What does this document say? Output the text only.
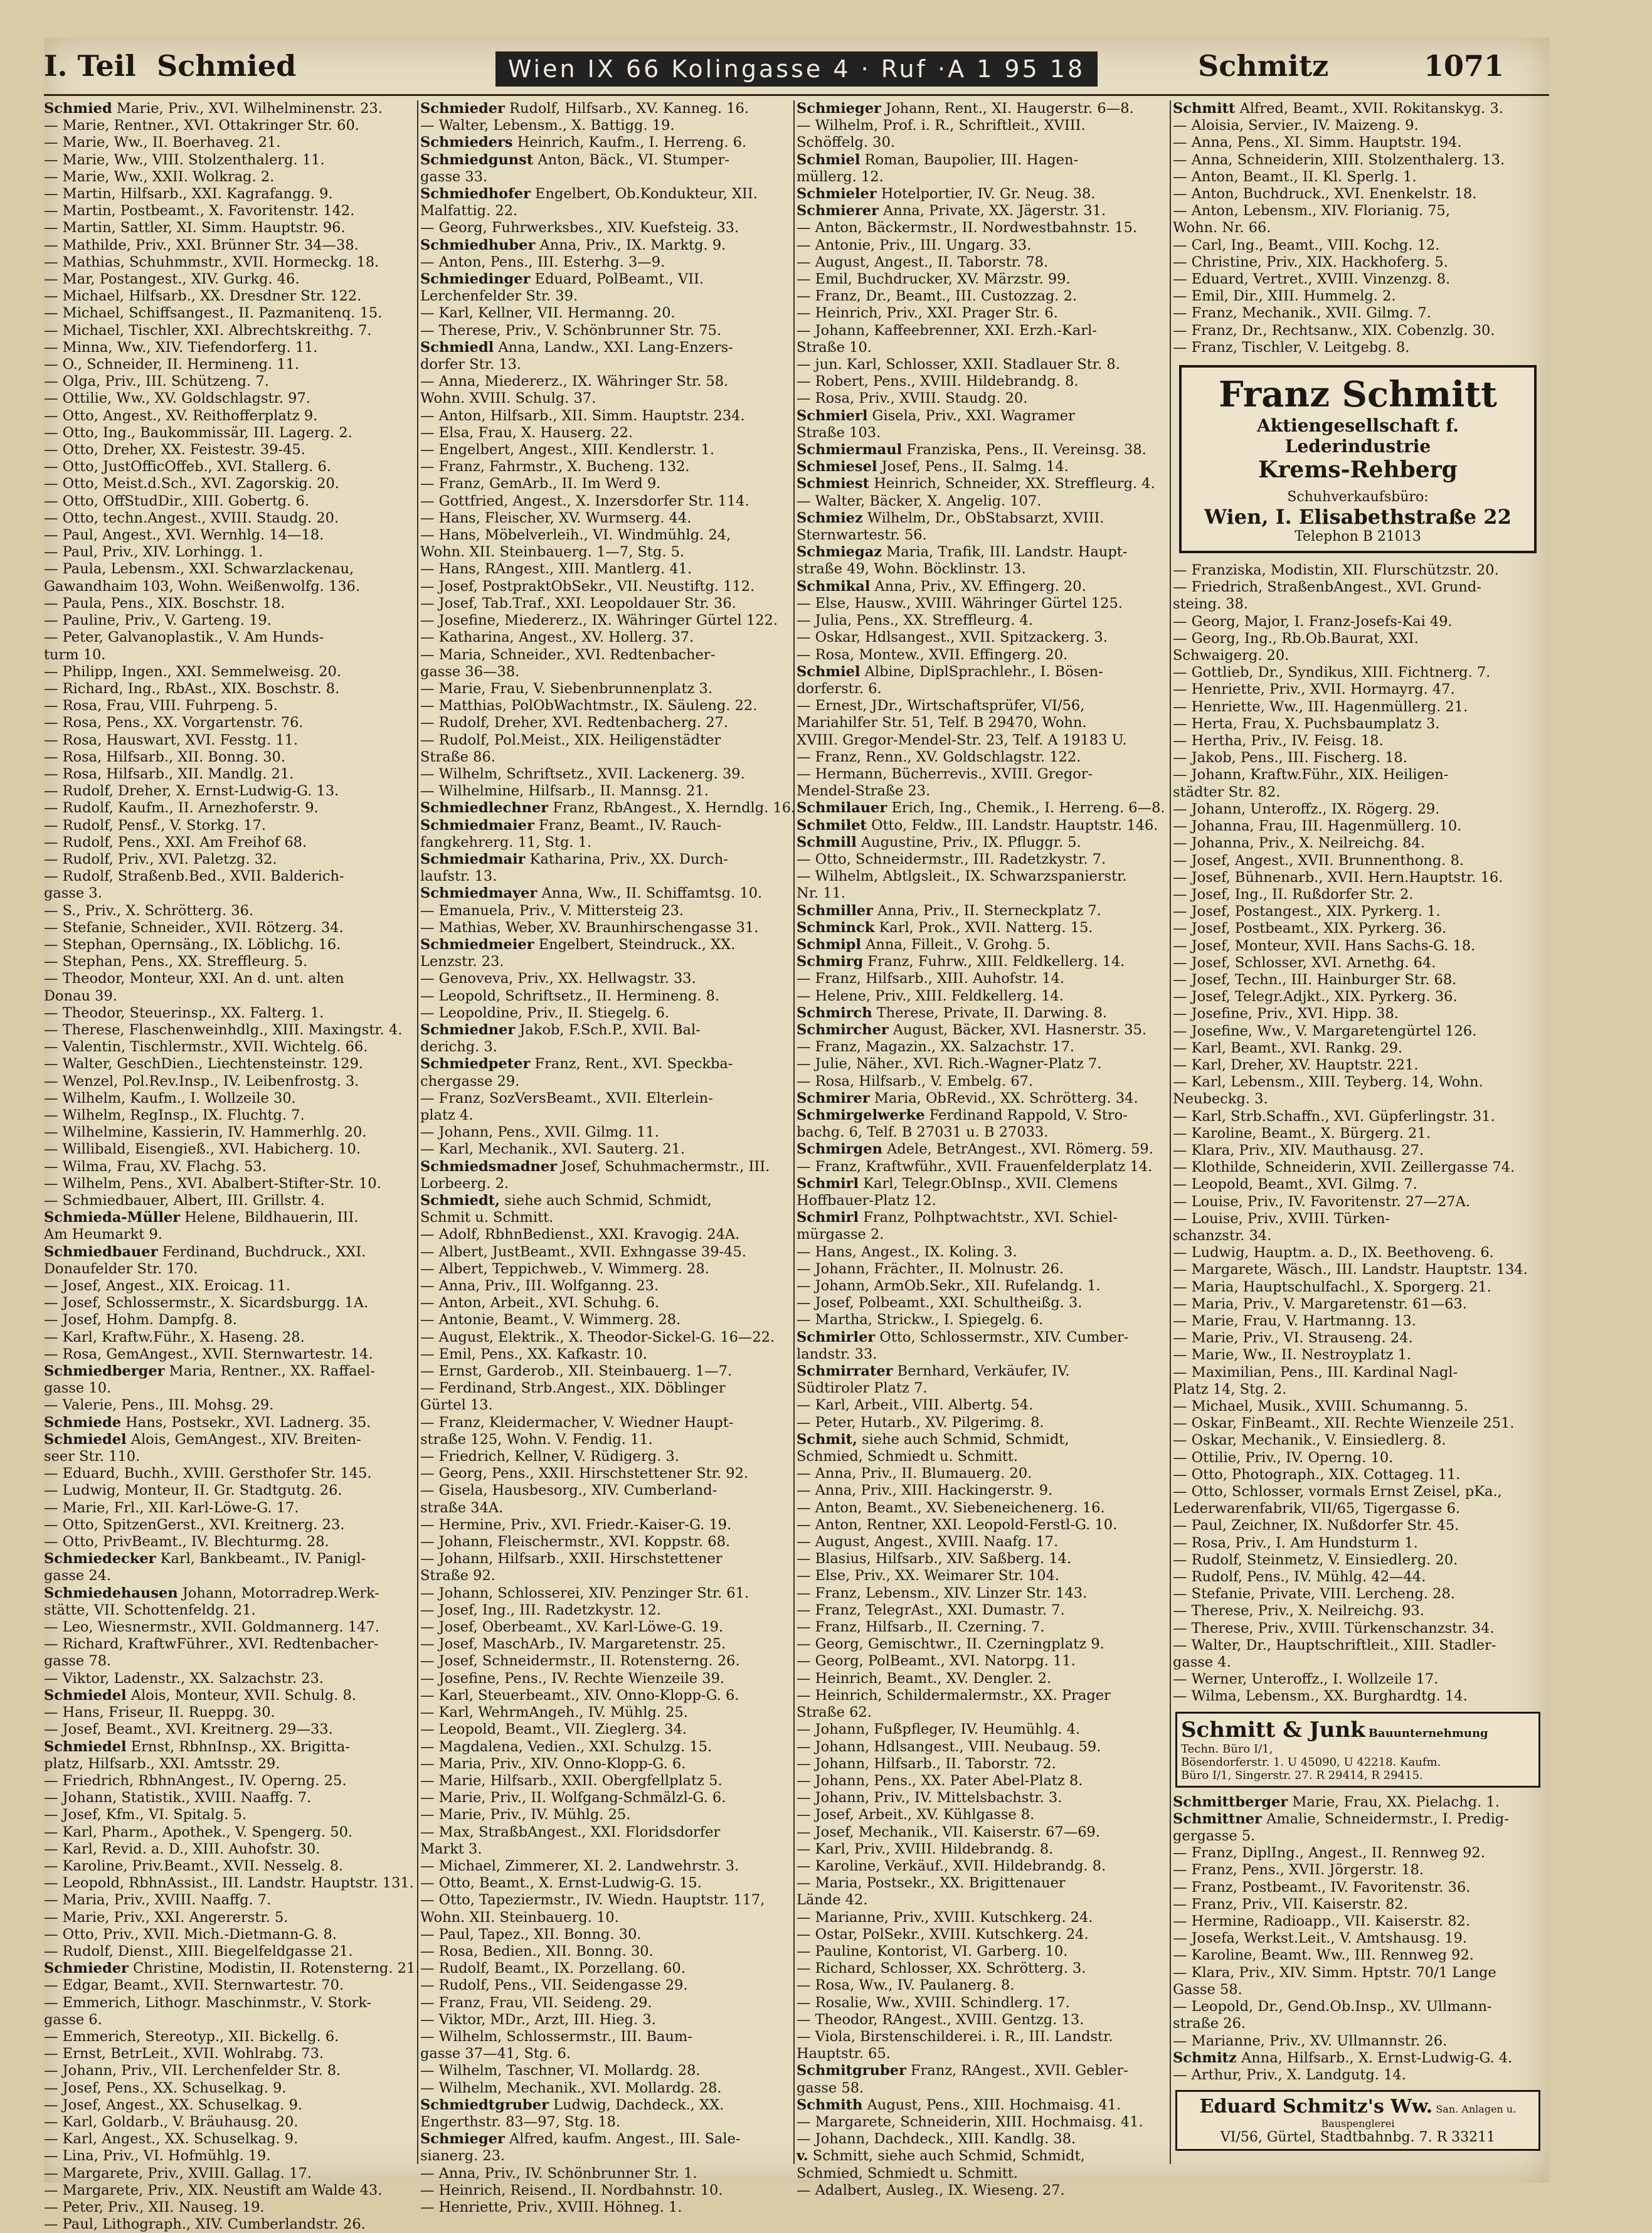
I. Teil Schmied	Wien IX 66 Kolingasse 4 · Ruf ·A 1 95 18	Schmitz	1071
Schmied Marie, Priv., XVI. Wilhelminenstr. 23.
— Marie, Rentner., XVI. Ottakringer Str. 60.
— Marie, Ww., II. Boerhaveg. 21.
— Marie, Ww., VIII. Stolzenthalerg. 11.
— Marie, Ww., XXII. Wolkrag. 2.
— Martin, Hilfsarb., XXI. Kagrafangg. 9.
— Martin, Postbeamt., X. Favoritenstr. 142.
— Martin, Sattler, XI. Simm. Hauptstr. 96.
— Mathilde, Priv., XXI. Brünner Str. 34—38.
— Mathias, Schuhmmstr., XVII. Hormeckg. 18.
— Mar, Postangest., XIV. Gurkg. 46.
— Michael, Hilfsarb., XX. Dresdner Str. 122.
— Michael, Schiffsangest., II. Pazmanitenq. 15.
— Michael, Tischler, XXI. Albrechtskreithg. 7.
— Minna, Ww., XIV. Tiefendorferg. 11.
— O., Schneider, II. Hermineng. 11.
— Olga, Priv., III. Schützeng. 7.
— Ottilie, Ww., XV. Goldschlagstr. 97.
— Otto, Angest., XV. Reithofferplatz 9.
— Otto, Ing., Baukommissär, III. Lagerg. 2.
— Otto, Dreher, XX. Feistestr. 39-45.
— Otto, JustOfficOffeb., XVI. Stallerg. 6.
— Otto, Meist.d.Sch., XVI. Zagorskig. 20.
— Otto, OffStudDir., XIII. Gobertg. 6.
— Otto, techn.Angest., XVIII. Staudg. 20.
— Paul, Angest., XVI. Wernhlg. 14—18.
— Paul, Priv., XIV. Lorhingg. 1.
— Paula, Lebensm., XXI. Schwarzlackenau,
Gawandhaim 103, Wohn. Weißenwolfg. 136.
— Paula, Pens., XIX. Boschstr. 18.
— Pauline, Priv., V. Garteng. 19.
— Peter, Galvanoplastik., V. Am Hunds-
turm 10.
— Philipp, Ingen., XXI. Semmelweisg. 20.
— Richard, Ing., RbAst., XIX. Boschstr. 8.
— Rosa, Frau, VIII. Fuhrpeng. 5.
— Rosa, Pens., XX. Vorgartenstr. 76.
— Rosa, Hauswart, XVI. Fesstg. 11.
— Rosa, Hilfsarb., XII. Bonng. 30.
— Rosa, Hilfsarb., XII. Mandlg. 21.
— Rudolf, Dreher, X. Ernst-Ludwig-G. 13.
— Rudolf, Kaufm., II. Arnezhoferstr. 9.
— Rudolf, Pensf., V. Storkg. 17.
— Rudolf, Pens., XXI. Am Freihof 68.
— Rudolf, Priv., XVI. Paletzg. 32.
— Rudolf, Straßenb.Bed., XVII. Balderich-
gasse 3.
— S., Priv., X. Schrötterg. 36.
— Stefanie, Schneider., XVII. Rötzerg. 34.
— Stephan, Opernsäng., IX. Löblichg. 16.
— Stephan, Pens., XX. Streffleurg. 5.
— Theodor, Monteur, XXI. An d. unt. alten
Donau 39.
— Theodor, Steuerinsp., XX. Falterg. 1.
— Therese, Flaschenweinhdlg., XIII. Maxingstr. 4.
— Valentin, Tischlermstr., XVII. Wichtelg. 66.
— Walter, GeschDien., Liechtensteinstr. 129.
— Wenzel, Pol.Rev.Insp., IV. Leibenfrostg. 3.
— Wilhelm, Kaufm., I. Wollzeile 30.
— Wilhelm, RegInsp., IX. Fluchtg. 7.
— Wilhelmine, Kassierin, IV. Hammerhlg. 20.
— Willibald, Eisengieß., XVI. Habicherg. 10.
— Wilma, Frau, XV. Flachg. 53.
— Wilhelm, Pens., XVI. Abalbert-Stifter-Str. 10.
— Schmiedbauer, Albert, III. Grillstr. 4.
Schmieda-Müller Helene, Bildhauerin, III.
Am Heumarkt 9.
Schmiedbauer Ferdinand, Buchdruck., XXI.
Donaufelder Str. 170.
— Josef, Angest., XIX. Eroicag. 11.
— Josef, Schlossermstr., X. Sicardsburgg. 1A.
— Josef, Hohm. Dampfg. 8.
— Karl, Kraftw.Führ., X. Haseng. 28.
— Rosa, GemAngest., XVII. Sternwartestr. 14.
Schmiedberger Maria, Rentner., XX. Raffael-
gasse 10.
— Valerie, Pens., III. Mohsg. 29.
Schmiede Hans, Postsekr., XVI. Ladnerg. 35.
Schmiedel Alois, GemAngest., XIV. Breiten-
seer Str. 110.
— Eduard, Buchh., XVIII. Gersthofer Str. 145.
— Ludwig, Monteur, II. Gr. Stadtgutg. 26.
— Marie, Frl., XII. Karl-Löwe-G. 17.
— Otto, SpitzenGerst., XVI. Kreitnerg. 23.
— Otto, PrivBeamt., IV. Blechturmg. 28.
Schmiedecker Karl, Bankbeamt., IV. Panigl-
gasse 24.
Schmiedehausen Johann, Motorradrep.Werk-
stätte, VII. Schottenfeldg. 21.
— Leo, Wiesnermstr., XVII. Goldmannerg. 147.
— Richard, KraftwFührer., XVI. Redtenbacher-
gasse 78.
— Viktor, Ladenstr., XX. Salzachstr. 23.
Schmiedel Alois, Monteur, XVII. Schulg. 8.
— Hans, Friseur, II. Rueppg. 30.
— Josef, Beamt., XVI. Kreitnerg. 29—33.
Schmiedel Ernst, RbhnInsp., XX. Brigitta-
platz, Hilfsarb., XXI. Amtsstr. 29.
— Friedrich, RbhnAngest., IV. Operng. 25.
— Johann, Statistik., XVIII. Naaffg. 7.
— Josef, Kfm., VI. Spitalg. 5.
— Karl, Pharm., Apothek., V. Spengerg. 50.
— Karl, Revid. a. D., XIII. Auhofstr. 30.
— Karoline, Priv.Beamt., XVII. Nesselg. 8.
— Leopold, RbhnAssist., III. Landstr. Hauptstr. 131.
— Maria, Priv., XVIII. Naaffg. 7.
— Marie, Priv., XXI. Angererstr. 5.
— Otto, Priv., XVII. Mich.-Dietmann-G. 8.
— Rudolf, Dienst., XIII. Biegelfeldgasse 21.
Schmieder Christine, Modistin, II. Rotensterng. 21.
— Edgar, Beamt., XVII. Sternwartestr. 70.
— Emmerich, Lithogr. Maschinmstr., V. Stork-
gasse 6.
— Emmerich, Stereotyp., XII. Bickellg. 6.
— Ernst, BetrLeit., XVII. Wohlrabg. 73.
— Johann, Priv., VII. Lerchenfelder Str. 8.
— Josef, Pens., XX. Schuselkag. 9.
— Josef, Angest., XX. Schuselkag. 9.
— Karl, Goldarb., V. Bräuhausg. 20.
— Karl, Angest., XX. Schuselkag. 9.
— Lina, Priv., VI. Hofmühlg. 19.
— Margarete, Priv., XVIII. Gallag. 17.
— Margarete, Priv., XIX. Neustift am Walde 43.
— Peter, Priv., XII. Nauseg. 19.
— Paul, Lithograph., XIV. Cumberlandstr. 26.
Schmieder Rudolf, Hilfsarb., XV. Kanneg. 16.
— Walter, Lebensm., X. Battigg. 19.
Schmieders Heinrich, Kaufm., I. Herreng. 6.
Schmiedgunst Anton, Bäck., VI. Stumper-
gasse 33.
Schmiedhofer Engelbert, Ob.Kondukteur, XII.
Malfattig. 22.
— Georg, Fuhrwerksbes., XIV. Kuefsteig. 33.
Schmiedhuber Anna, Priv., IX. Marktg. 9.
— Anton, Pens., III. Esterhg. 3—9.
Schmiedinger Eduard, PolBeamt., VII.
Lerchenfelder Str. 39.
— Karl, Kellner, VII. Hermanng. 20.
— Therese, Priv., V. Schönbrunner Str. 75.
Schmiedl Anna, Landw., XXI. Lang-Enzers-
dorfer Str. 13.
— Anna, Miedererz., IX. Währinger Str. 58.
Wohn. XVIII. Schulg. 37.
— Anton, Hilfsarb., XII. Simm. Hauptstr. 234.
— Elsa, Frau, X. Hauserg. 22.
— Engelbert, Angest., XIII. Kendlerstr. 1.
— Franz, Fahrmstr., X. Bucheng. 132.
— Franz, GemArb., II. Im Werd 9.
— Gottfried, Angest., X. Inzersdorfer Str. 114.
— Hans, Fleischer, XV. Wurmserg. 44.
— Hans, Möbelverleih., VI. Windmühlg. 24,
Wohn. XII. Steinbauerg. 1—7, Stg. 5.
— Hans, RAngest., XIII. Mantlerg. 41.
— Josef, PostpraktObSekr., VII. Neustiftg. 112.
— Josef, Tab.Traf., XXI. Leopoldauer Str. 36.
— Josefine, Miedererz., IX. Währinger Gürtel 122.
— Katharina, Angest., XV. Hollerg. 37.
— Maria, Schneider., XVI. Redtenbacher-
gasse 36—38.
— Marie, Frau, V. Siebenbrunnenplatz 3.
— Matthias, PolObWachtmstr., IX. Säuleng. 22.
— Rudolf, Dreher, XVI. Redtenbacherg. 27.
— Rudolf, Pol.Meist., XIX. Heiligenstädter
Straße 86.
— Wilhelm, Schriftsetz., XVII. Lackenerg. 39.
— Wilhelmine, Hilfsarb., II. Mannsg. 21.
Schmiedlechner Franz, RbAngest., X. Herndlg. 16.
Schmiedmaier Franz, Beamt., IV. Rauch-
fangkehrerg. 11, Stg. 1.
Schmiedmair Katharina, Priv., XX. Durch-
laufstr. 13.
Schmiedmayer Anna, Ww., II. Schiffamtsg. 10.
— Emanuela, Priv., V. Mittersteig 23.
— Mathias, Weber, XV. Braunhirschengasse 31.
Schmiedmeier Engelbert, Steindruck., XX.
Lenzstr. 23.
— Genoveva, Priv., XX. Hellwagstr. 33.
— Leopold, Schriftsetz., II. Hermineng. 8.
— Leopoldine, Priv., II. Stiegelg. 6.
Schmiedner Jakob, F.Sch.P., XVII. Bal-
derichg. 3.
Schmiedpeter Franz, Rent., XVI. Speckba-
chergasse 29.
— Franz, SozVersBeamt., XVII. Elterlein-
platz 4.
— Johann, Pens., XVII. Gilmg. 11.
— Karl, Mechanik., XVI. Sauterg. 21.
Schmiedsmadner Josef, Schuhmachermstr., III.
Lorbeerg. 2.
Schmiedt, siehe auch Schmid, Schmidt,
Schmit u. Schmitt.
— Adolf, RbhnBedienst., XXI. Kravogig. 24A.
— Albert, JustBeamt., XVII. Exhngasse 39-45.
— Albert, Teppichweb., V. Wimmerg. 28.
— Anna, Priv., III. Wolfganng. 23.
— Anton, Arbeit., XVI. Schuhg. 6.
— Antonie, Beamt., V. Wimmerg. 28.
— August, Elektrik., X. Theodor-Sickel-G. 16—22.
— Emil, Pens., XX. Kafkastr. 10.
— Ernst, Garderob., XII. Steinbauerg. 1—7.
— Ferdinand, Strb.Angest., XIX. Döblinger
Gürtel 13.
— Franz, Kleidermacher, V. Wiedner Haupt-
straße 125, Wohn. V. Fendig. 11.
— Friedrich, Kellner, V. Rüdigerg. 3.
— Georg, Pens., XXII. Hirschstettener Str. 92.
— Gisela, Hausbesorg., XIV. Cumberland-
straße 34A.
— Hermine, Priv., XVI. Friedr.-Kaiser-G. 19.
— Johann, Fleischermstr., XVI. Koppstr. 68.
— Johann, Hilfsarb., XXII. Hirschstettener
Straße 92.
— Johann, Schlosserei, XIV. Penzinger Str. 61.
— Josef, Ing., III. Radetzkystr. 12.
— Josef, Oberbeamt., XV. Karl-Löwe-G. 19.
— Josef, MaschArb., IV. Margaretenstr. 25.
— Josef, Schneidermstr., II. Rotensterng. 26.
— Josefine, Pens., IV. Rechte Wienzeile 39.
— Karl, Steuerbeamt., XIV. Onno-Klopp-G. 6.
— Karl, WehrmAngeh., IV. Mühlg. 25.
— Leopold, Beamt., VII. Zieglerg. 34.
— Magdalena, Vedien., XXI. Schulzg. 15.
— Maria, Priv., XIV. Onno-Klopp-G. 6.
— Marie, Hilfsarb., XXII. Obergfellplatz 5.
— Marie, Priv., II. Wolfgang-Schmälzl-G. 6.
— Marie, Priv., IV. Mühlg. 25.
— Max, StraßbAngest., XXI. Floridsdorfer
Markt 3.
— Michael, Zimmerer, XI. 2. Landwehrstr. 3.
— Otto, Beamt., X. Ernst-Ludwig-G. 15.
— Otto, Tapeziermstr., IV. Wiedn. Hauptstr. 117,
Wohn. XII. Steinbauerg. 10.
— Paul, Tapez., XII. Bonng. 30.
— Rosa, Bedien., XII. Bonng. 30.
— Rudolf, Beamt., IX. Porzellang. 60.
— Rudolf, Pens., VII. Seidengasse 29.
— Franz, Frau, VII. Seideng. 29.
— Viktor, MDr., Arzt, III. Hieg. 3.
— Wilhelm, Schlossermstr., III. Baum-
gasse 37—41, Stg. 6.
— Wilhelm, Taschner, VI. Mollardg. 28.
— Wilhelm, Mechanik., XVI. Mollardg. 28.
Schmiedtgruber Ludwig, Dachdeck., XX.
Engerthstr. 83—97, Stg. 18.
Schmieger Alfred, kaufm. Angest., III. Sale-
sianerg. 23.
— Anna, Priv., IV. Schönbrunner Str. 1.
— Heinrich, Reisend., II. Nordbahnstr. 10.
— Henriette, Priv., XVIII. Höhneg. 1.
Schmieger Johann, Rent., XI. Haugerstr. 6—8.
— Wilhelm, Prof. i. R., Schriftleit., XVIII.
Schöffelg. 30.
Schmiel Roman, Baupolier, III. Hagen-
müllerg. 12.
Schmieler Hotelportier, IV. Gr. Neug. 38.
Schmierer Anna, Private, XX. Jägerstr. 31.
— Anton, Bäckermstr., II. Nordwestbahnstr. 15.
— Antonie, Priv., III. Ungarg. 33.
— August, Angest., II. Taborstr. 78.
— Emil, Buchdrucker, XV. Märzstr. 99.
— Franz, Dr., Beamt., III. Custozzag. 2.
— Heinrich, Priv., XXI. Prager Str. 6.
— Johann, Kaffeebrenner, XXI. Erzh.-Karl-
Straße 10.
— jun. Karl, Schlosser, XXII. Stadlauer Str. 8.
— Robert, Pens., XVIII. Hildebrandg. 8.
— Rosa, Priv., XVIII. Staudg. 20.
Schmierl Gisela, Priv., XXI. Wagramer
Straße 103.
Schmiermaul Franziska, Pens., II. Vereinsg. 38.
Schmiesel Josef, Pens., II. Salmg. 14.
Schmiest Heinrich, Schneider, XX. Streffleurg. 4.
— Walter, Bäcker, X. Angelig. 107.
Schmiez Wilhelm, Dr., ObStabsarzt, XVIII.
Sternwartestr. 56.
Schmiegaz Maria, Trafik, III. Landstr. Haupt-
straße 49, Wohn. Böcklinstr. 13.
Schmikal Anna, Priv., XV. Effingerg. 20.
— Else, Hausw., XVIII. Währinger Gürtel 125.
— Julia, Pens., XX. Streffleurg. 4.
— Oskar, Hdlsangest., XVII. Spitzackerg. 3.
— Rosa, Montew., XVII. Effingerg. 20.
Schmiel Albine, DiplSprachlehr., I. Bösen-
dorferstr. 6.
— Ernest, JDr., Wirtschaftsprüfer, VI/56,
Mariahilfer Str. 51, Telf. B 29470, Wohn.
XVIII. Gregor-Mendel-Str. 23, Telf. A 19183 U.
— Franz, Renn., XV. Goldschlagstr. 122.
— Hermann, Bücherrevis., XVIII. Gregor-
Mendel-Straße 23.
Schmilauer Erich, Ing., Chemik., I. Herreng. 6—8.
Schmilet Otto, Feldw., III. Landstr. Hauptstr. 146.
Schmill Augustine, Priv., IX. Pfluggr. 5.
— Otto, Schneidermstr., III. Radetzkystr. 7.
— Wilhelm, Abtlgsleit., IX. Schwarzspanierstr.
Nr. 11.
Schmiller Anna, Priv., II. Sterneckplatz 7.
Schminck Karl, Prok., XVII. Natterg. 15.
Schmipl Anna, Filleit., V. Grohg. 5.
Schmirg Franz, Fuhrw., XIII. Feldkellerg. 14.
— Franz, Hilfsarb., XIII. Auhofstr. 14.
— Helene, Priv., XIII. Feldkellerg. 14.
Schmirch Therese, Private, II. Darwing. 8.
Schmircher August, Bäcker, XVI. Hasnerstr. 35.
— Franz, Magazin., XX. Salzachstr. 17.
— Julie, Näher., XVI. Rich.-Wagner-Platz 7.
— Rosa, Hilfsarb., V. Embelg. 67.
Schmirer Maria, ObRevid., XX. Schrötterg. 34.
Schmirgelwerke Ferdinand Rappold, V. Stro-
bachg. 6, Telf. B 27031 u. B 27033.
Schmirgen Adele, BetrAngest., XVI. Römerg. 59.
— Franz, Kraftwführ., XVII. Frauenfelderplatz 14.
Schmirl Karl, Telegr.ObInsp., XVII. Clemens
Hoffbauer-Platz 12.
Schmirl Franz, Polhptwachtstr., XVI. Schiel-
mürgasse 2.
— Hans, Angest., IX. Koling. 3.
— Johann, Frächter., II. Molnustr. 26.
— Johann, ArmOb.Sekr., XII. Rufelandg. 1.
— Josef, Polbeamt., XXI. Schultheißg. 3.
— Martha, Strickw., I. Spiegelg. 6.
Schmirler Otto, Schlossermstr., XIV. Cumber-
landstr. 33.
Schmirrater Bernhard, Verkäufer, IV.
Südtiroler Platz 7.
— Karl, Arbeit., VIII. Albertg. 54.
— Peter, Hutarb., XV. Pilgerimg. 8.
Schmit, siehe auch Schmid, Schmidt,
Schmied, Schmiedt u. Schmitt.
— Anna, Priv., II. Blumauerg. 20.
— Anna, Priv., XIII. Hackingerstr. 9.
— Anton, Beamt., XV. Siebeneichenerg. 16.
— Anton, Rentner, XXI. Leopold-Ferstl-G. 10.
— August, Angest., XVIII. Naafg. 17.
— Blasius, Hilfsarb., XIV. Saßberg. 14.
— Else, Priv., XX. Weimarer Str. 104.
— Franz, Lebensm., XIV. Linzer Str. 143.
— Franz, TelegrAst., XXI. Dumastr. 7.
— Franz, Hilfsarb., II. Czerning. 7.
— Georg, Gemischtwr., II. Czerningplatz 9.
— Georg, PolBeamt., XVI. Natorpg. 11.
— Heinrich, Beamt., XV. Dengler. 2.
— Heinrich, Schildermalermstr., XX. Prager
Straße 62.
— Johann, Fußpfleger, IV. Heumühlg. 4.
— Johann, Hdlsangest., VIII. Neubaug. 59.
— Johann, Hilfsarb., II. Taborstr. 72.
— Johann, Pens., XX. Pater Abel-Platz 8.
— Johann, Priv., IV. Mittelsbachstr. 3.
— Josef, Arbeit., XV. Kühlgasse 8.
— Josef, Mechanik., VII. Kaiserstr. 67—69.
— Karl, Priv., XVIII. Hildebrandg. 8.
— Karoline, Verkäuf., XVII. Hildebrandg. 8.
— Maria, Postsekr., XX. Brigittenauer
Lände 42.
— Marianne, Priv., XVIII. Kutschkerg. 24.
— Ostar, PolSekr., XVIII. Kutschkerg. 24.
— Pauline, Kontorist, VI. Garberg. 10.
— Richard, Schlosser, XX. Schrötterg. 3.
— Rosa, Ww., IV. Paulanerg. 8.
— Rosalie, Ww., XVIII. Schindlerg. 17.
— Theodor, RAngest., XVIII. Gentzg. 13.
— Viola, Birstenschilderei. i. R., III. Landstr.
Hauptstr. 65.
Schmitgruber Franz, RAngest., XVII. Gebler-
gasse 58.
Schmith August, Pens., XIII. Hochmaisg. 41.
— Margarete, Schneiderin, XIII. Hochmaisg. 41.
— Johann, Dachdeck., XIII. Kandlg. 38.
v. Schmitt, siehe auch Schmid, Schmidt,
Schmied, Schmiedt u. Schmitt.
— Adalbert, Ausleg., IX. Wieseng. 27.
Schmitt Alfred, Beamt., XVII. Rokitanskyg. 3.
— Aloisia, Servier., IV. Maizeng. 9.
— Anna, Pens., XI. Simm. Hauptstr. 194.
— Anna, Schneiderin, XIII. Stolzenthalerg. 13.
— Anton, Beamt., II. Kl. Sperlg. 1.
— Anton, Buchdruck., XVI. Enenkelstr. 18.
— Anton, Lebensm., XIV. Florianig. 75,
Wohn. Nr. 66.
— Carl, Ing., Beamt., VIII. Kochg. 12.
— Christine, Priv., XIX. Hackhoferg. 5.
— Eduard, Vertret., XVIII. Vinzenzg. 8.
— Emil, Dir., XIII. Hummelg. 2.
— Franz, Mechanik., XVII. Gilmg. 7.
— Franz, Dr., Rechtsanw., XIX. Cobenzlg. 30.
— Franz, Tischler, V. Leitgebg. 8.
Franz Schmitt
Aktiengesellschaft f. Lederindustrie
Krems-Rehberg
Schuhverkaufsbüro:
Wien, I. Elisabethstraße 22
Telephon B 21013
— Franziska, Modistin, XII. Flurschützstr. 20.
— Friedrich, StraßenbAngest., XVI. Grund-
steing. 38.
— Georg, Major, I. Franz-Josefs-Kai 49.
— Georg, Ing., Rb.Ob.Baurat, XXI.
Schwaigerg. 20.
— Gottlieb, Dr., Syndikus, XIII. Fichtnerg. 7.
— Henriette, Priv., XVII. Hormayrg. 47.
— Henriette, Ww., III. Hagenmüllerg. 21.
— Herta, Frau, X. Puchsbaumplatz 3.
— Hertha, Priv., IV. Feisg. 18.
— Jakob, Pens., III. Fischerg. 18.
— Johann, Kraftw.Führ., XIX. Heiligen-
städter Str. 82.
— Johann, Unteroffz., IX. Rögerg. 29.
— Johanna, Frau, III. Hagenmüllerg. 10.
— Johanna, Priv., X. Neilreichg. 84.
— Josef, Angest., XVII. Brunnenthong. 8.
— Josef, Bühnenarb., XVII. Hern.Hauptstr. 16.
— Josef, Ing., II. Rußdorfer Str. 2.
— Josef, Postangest., XIX. Pyrkerg. 1.
— Josef, Postbeamt., XIX. Pyrkerg. 36.
— Josef, Monteur, XVII. Hans Sachs-G. 18.
— Josef, Schlosser, XVI. Arnethg. 64.
— Josef, Techn., III. Hainburger Str. 68.
— Josef, Telegr.Adjkt., XIX. Pyrkerg. 36.
— Josefine, Priv., XVI. Hipp. 38.
— Josefine, Ww., V. Margaretengürtel 126.
— Karl, Beamt., XVI. Rankg. 29.
— Karl, Dreher, XV. Hauptstr. 221.
— Karl, Lebensm., XIII. Teyberg. 14, Wohn.
Neubeckg. 3.
— Karl, Strb.Schaffn., XVI. Güpferlingstr. 31.
— Karoline, Beamt., X. Bürgerg. 21.
— Klara, Priv., XIV. Mauthausg. 27.
— Klothilde, Schneiderin, XVII. Zeillergasse 74.
— Leopold, Beamt., XVI. Gilmg. 7.
— Louise, Priv., IV. Favoritenstr. 27—27A.
— Louise, Priv., XVIII. Türken-
schanzstr. 34.
— Ludwig, Hauptm. a. D., IX. Beethoveng. 6.
— Margarete, Wäsch., III. Landstr. Hauptstr. 134.
— Maria, Hauptschulfachl., X. Sporgerg. 21.
— Maria, Priv., V. Margaretenstr. 61—63.
— Marie, Frau, V. Hartmanng. 13.
— Marie, Priv., VI. Strauseng. 24.
— Marie, Ww., II. Nestroyplatz 1.
— Maximilian, Pens., III. Kardinal Nagl-
Platz 14, Stg. 2.
— Michael, Musik., XVIII. Schumanng. 5.
— Oskar, FinBeamt., XII. Rechte Wienzeile 251.
— Oskar, Mechanik., V. Einsiedlerg. 8.
— Ottilie, Priv., IV. Operng. 10.
— Otto, Photograph., XIX. Cottageg. 11.
— Otto, Schlosser, vormals Ernst Zeisel, pKa.,
Lederwarenfabrik, VII/65, Tigergasse 6.
— Paul, Zeichner, IX. Nußdorfer Str. 45.
— Rosa, Priv., I. Am Hundsturm 1.
— Rudolf, Steinmetz, V. Einsiedlerg. 20.
— Rudolf, Pens., IV. Mühlg. 42—44.
— Stefanie, Private, VIII. Lercheng. 28.
— Therese, Priv., X. Neilreichg. 93.
— Therese, Priv., XVIII. Türkenschanzstr. 34.
— Walter, Dr., Hauptschriftleit., XIII. Stadler-
gasse 4.
— Werner, Unteroffz., I. Wollzeile 17.
— Wilma, Lebensm., XX. Burghardtg. 14.
Schmitt & Junk Bauunternehmung
Techn. Büro I/1,
Bösendorferstr. 1. U 45090, U 42218. Kaufm.
Büro I/1, Singerstr. 27. R 29414, R 29415.
Schmittberger Marie, Frau, XX. Pielachg. 1.
Schmittner Amalie, Schneidermstr., I. Predig-
gergasse 5.
— Franz, DiplIng., Angest., II. Rennweg 92.
— Franz, Pens., XVII. Jörgerstr. 18.
— Franz, Postbeamt., IV. Favoritenstr. 36.
— Franz, Priv., VII. Kaiserstr. 82.
— Hermine, Radioapp., VII. Kaiserstr. 82.
— Josefa, Werkst.Leit., V. Amtshausg. 19.
— Karoline, Beamt. Ww., III. Rennweg 92.
— Klara, Priv., XIV. Simm. Hptstr. 70/1 Lange
Gasse 58.
— Leopold, Dr., Gend.Ob.Insp., XV. Ullmann-
straße 26.
— Marianne, Priv., XV. Ullmannstr. 26.
Schmitz Anna, Hilfsarb., X. Ernst-Ludwig-G. 4.
— Arthur, Priv., X. Landgutg. 14.
Eduard Schmitz's Ww. San. Anlagen u. Bauspenglerei
VI/56, Gürtel, Stadtbahnbg. 7. R 33211
